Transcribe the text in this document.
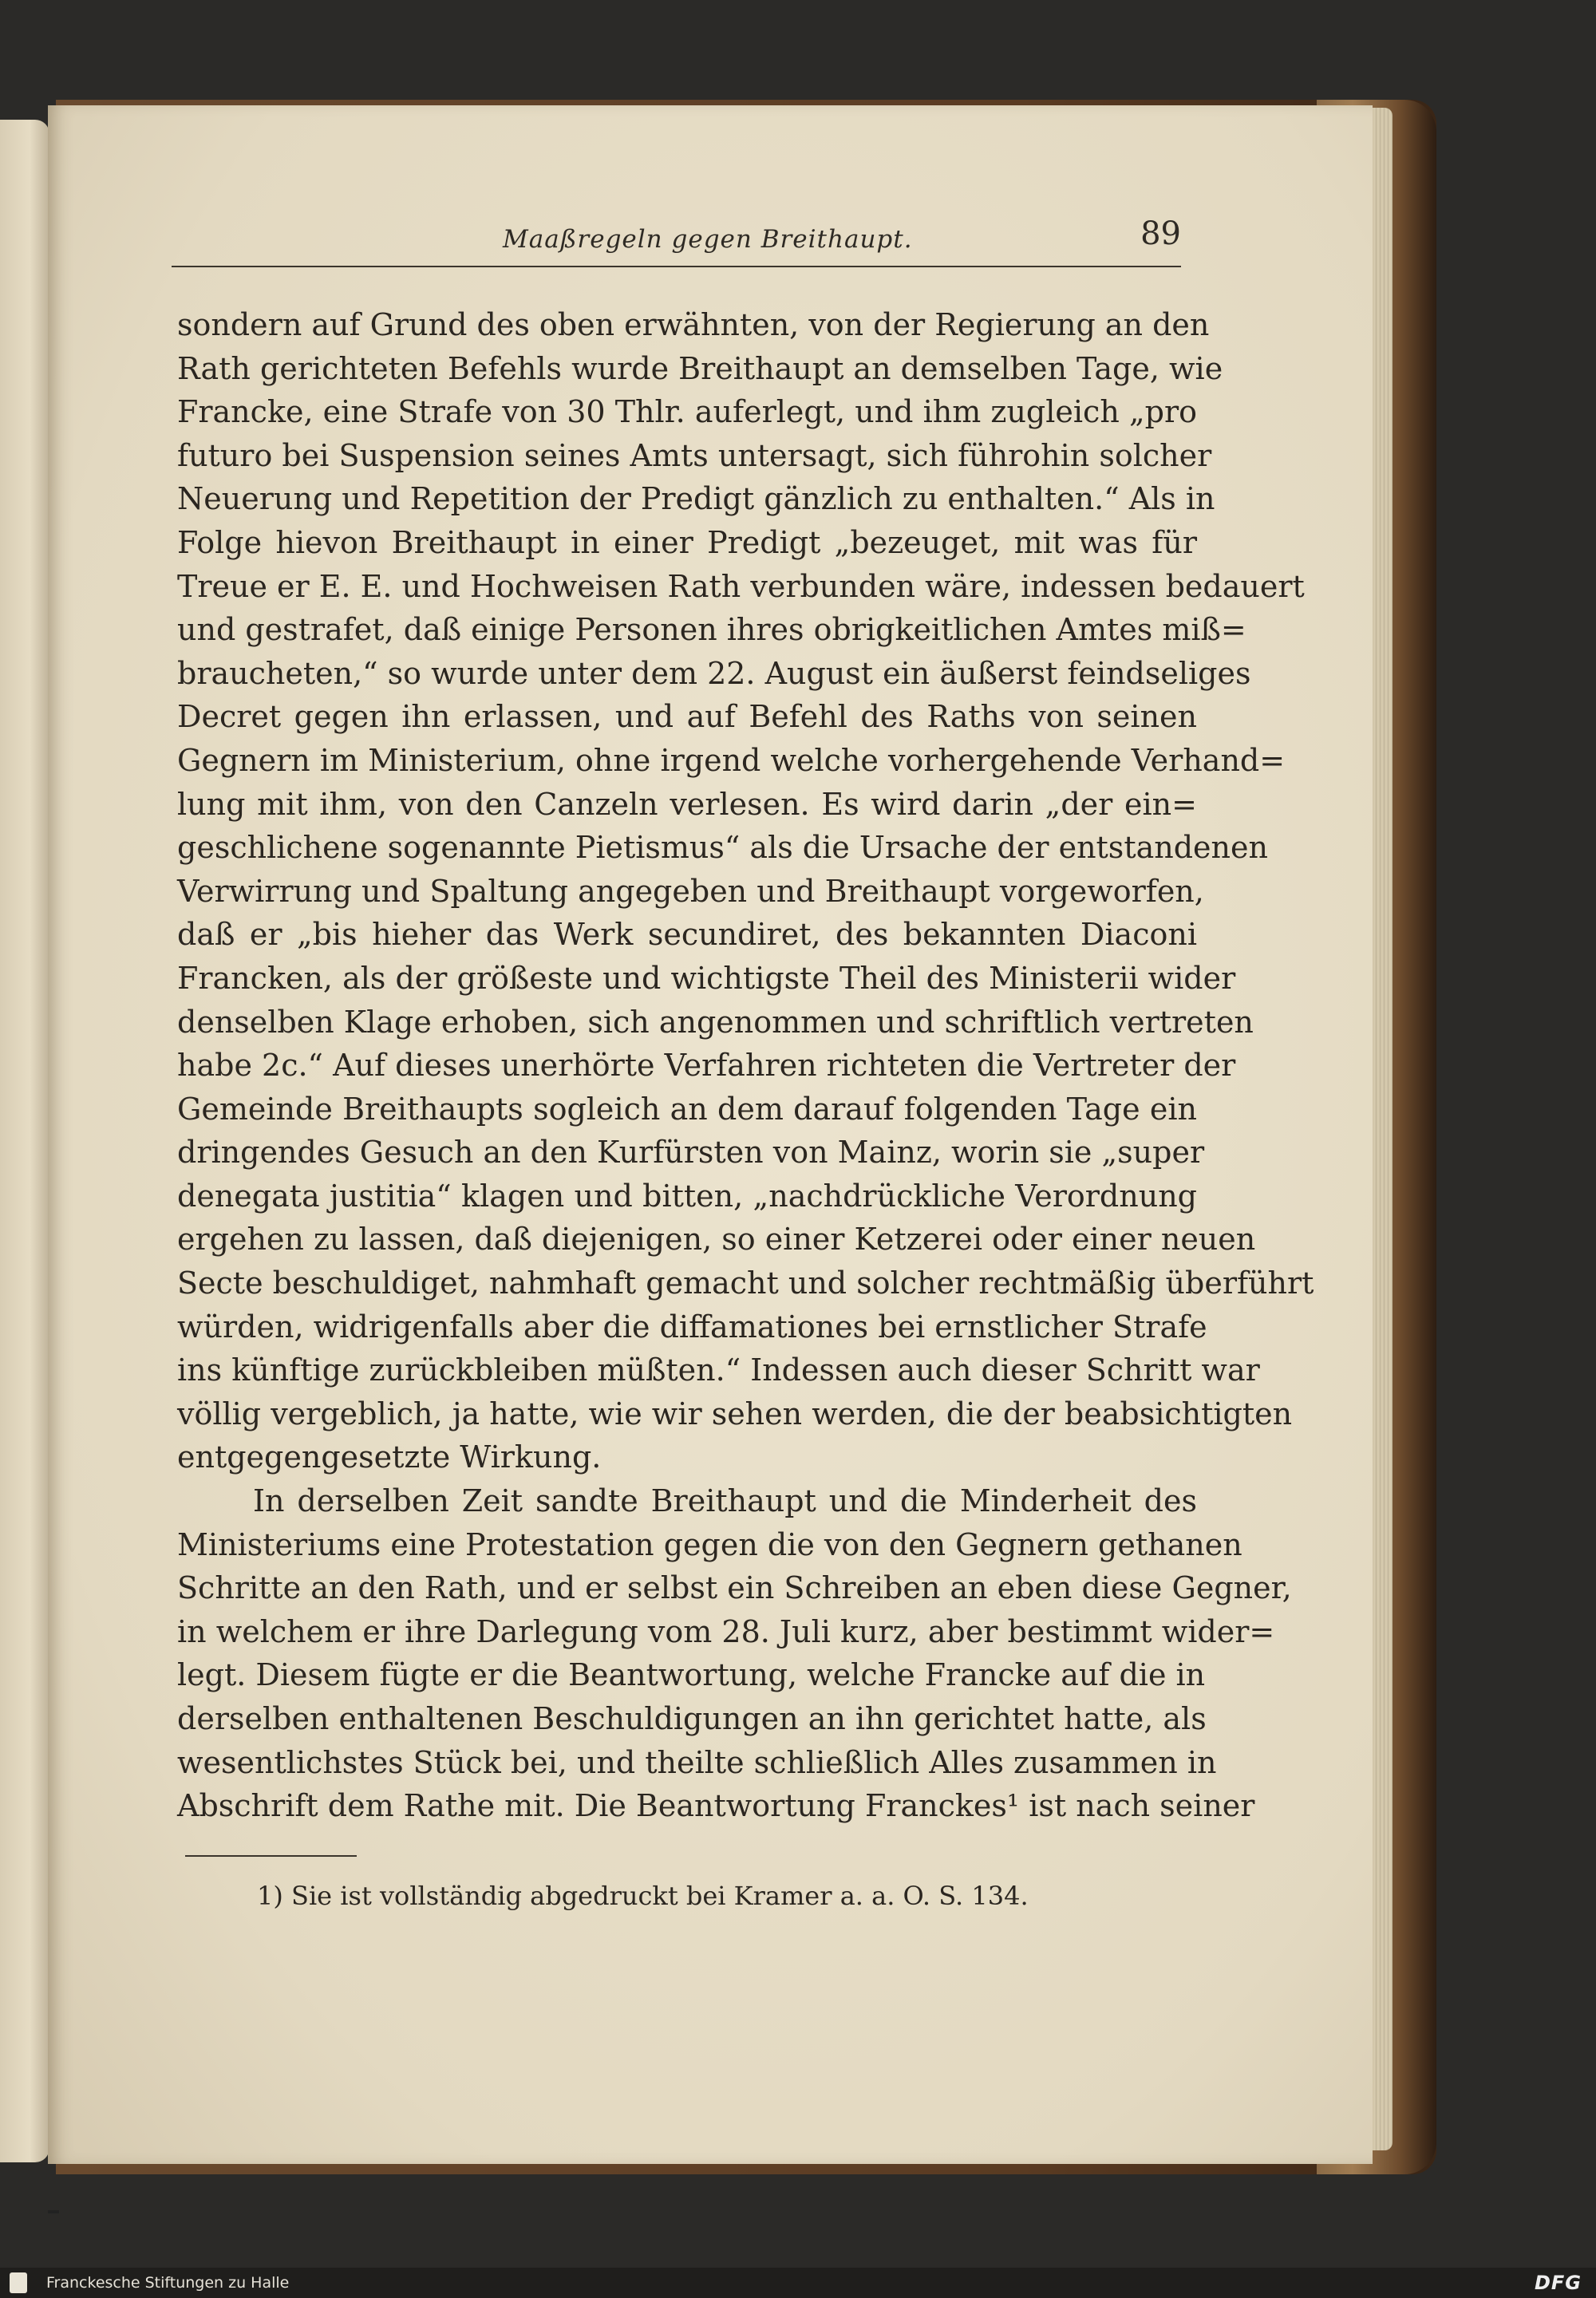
Maaßregeln gegen Breithaupt.	89
sondern auf Grund des oben erwähnten, von der Regierung an den
Rath gerichteten Befehls wurde Breithaupt an demselben Tage, wie
Francke, eine Strafe von 30 Thlr. auferlegt, und ihm zugleich „pro
futuro bei Suspension seines Amts untersagt, sich führohin solcher
Neuerung und Repetition der Predigt gänzlich zu enthalten.“ Als in
Folge hievon Breithaupt in einer Predigt „bezeuget, mit was für
Treue er E. E. und Hochweisen Rath verbunden wäre, indessen bedauert
und gestrafet, daß einige Personen ihres obrigkeitlichen Amtes miß=
braucheten,“ so wurde unter dem 22. August ein äußerst feindseliges
Decret gegen ihn erlassen, und auf Befehl des Raths von seinen
Gegnern im Ministerium, ohne irgend welche vorhergehende Verhand=
lung mit ihm, von den Canzeln verlesen. Es wird darin „der ein=
geschlichene sogenannte Pietismus“ als die Ursache der entstandenen
Verwirrung und Spaltung angegeben und Breithaupt vorgeworfen,
daß er „bis hieher das Werk secundiret, des bekannten Diaconi
Francken, als der größeste und wichtigste Theil des Ministerii wider
denselben Klage erhoben, sich angenommen und schriftlich vertreten
habe 2c.“ Auf dieses unerhörte Verfahren richteten die Vertreter der
Gemeinde Breithaupts sogleich an dem darauf folgenden Tage ein
dringendes Gesuch an den Kurfürsten von Mainz, worin sie „super
denegata justitia“ klagen und bitten, „nachdrückliche Verordnung
ergehen zu lassen, daß diejenigen, so einer Ketzerei oder einer neuen
Secte beschuldiget, nahmhaft gemacht und solcher rechtmäßig überführt
würden, widrigenfalls aber die diffamationes bei ernstlicher Strafe
ins künftige zurückbleiben müßten.“ Indessen auch dieser Schritt war
völlig vergeblich, ja hatte, wie wir sehen werden, die der beabsichtigten
entgegengesetzte Wirkung.
In derselben Zeit sandte Breithaupt und die Minderheit des
Ministeriums eine Protestation gegen die von den Gegnern gethanen
Schritte an den Rath, und er selbst ein Schreiben an eben diese Gegner,
in welchem er ihre Darlegung vom 28. Juli kurz, aber bestimmt wider=
legt. Diesem fügte er die Beantwortung, welche Francke auf die in
derselben enthaltenen Beschuldigungen an ihn gerichtet hatte, als
wesentlichstes Stück bei, und theilte schließlich Alles zusammen in
Abschrift dem Rathe mit. Die Beantwortung Franckes¹ ist nach seiner
1) Sie ist vollständig abgedruckt bei Kramer a. a. O. S. 134.
Franckesche Stiftungen zu Halle	DFG
